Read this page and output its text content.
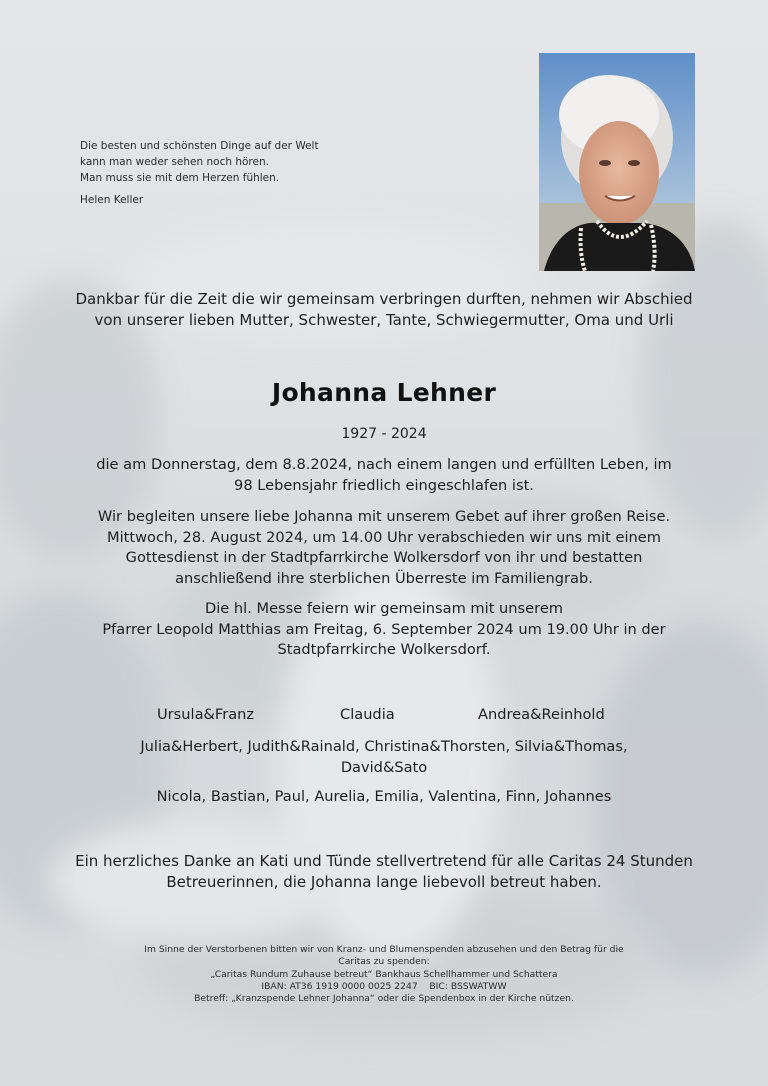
Die besten und schönsten Dinge auf der Welt
kann man weder sehen noch hören.
Man muss sie mit dem Herzen fühlen.
Helen Keller
Dankbar für die Zeit die wir gemeinsam verbringen durften, nehmen wir Abschied
von unserer lieben Mutter, Schwester, Tante, Schwiegermutter, Oma und Urli
Johanna Lehner
1927 - 2024
die am Donnerstag, dem 8.8.2024, nach einem langen und erfüllten Leben, im
98 Lebensjahr friedlich eingeschlafen ist.
Wir begleiten unsere liebe Johanna mit unserem Gebet auf ihrer großen Reise.
Mittwoch, 28. August 2024, um 14.00 Uhr verabschieden wir uns mit einem
Gottesdienst in der Stadtpfarrkirche Wolkersdorf von ihr und bestatten
anschließend ihre sterblichen Überreste im Familiengrab.
Die hl. Messe feiern wir gemeinsam mit unserem
Pfarrer Leopold Matthias am Freitag, 6. September 2024 um 19.00 Uhr in der
Stadtpfarrkirche Wolkersdorf.
Ursula&Franz	Claudia	Andrea&Reinhold
Julia&Herbert, Judith&Rainald, Christina&Thorsten, Silvia&Thomas,
David&Sato
Nicola, Bastian, Paul, Aurelia, Emilia, Valentina, Finn, Johannes
Ein herzliches Danke an Kati und Tünde stellvertretend für alle Caritas 24 Stunden
Betreuerinnen, die Johanna lange liebevoll betreut haben.
Im Sinne der Verstorbenen bitten wir von Kranz- und Blumenspenden abzusehen und den Betrag für die
Caritas zu spenden:
„Caritas Rundum Zuhause betreut“ Bankhaus Schellhammer und Schattera
IBAN: AT36 1919 0000 0025 2247    BIC: BSSWATWW
Betreff: „Kranzspende Lehner Johanna“ oder die Spendenbox in der Kirche nützen.
